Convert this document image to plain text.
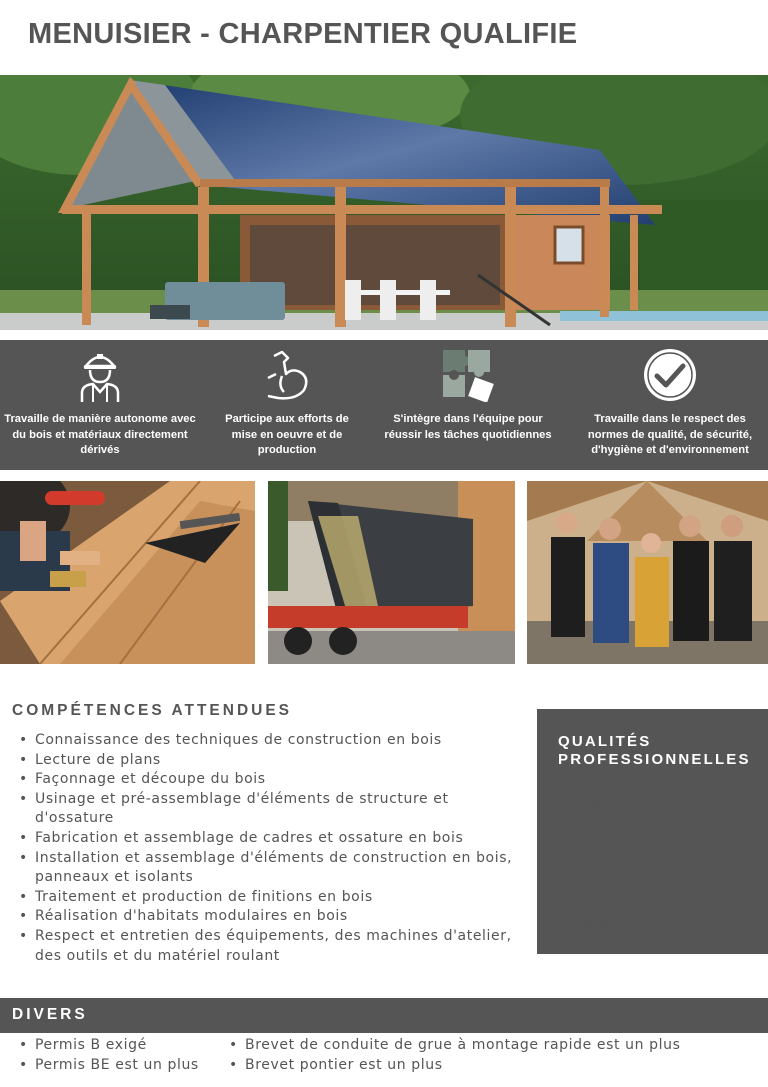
MENUISIER - CHARPENTIER QUALIFIE
Travaille de manière autonome avec du bois et matériaux directement dérivés
Participe aux efforts de mise en oeuvre et de production
S'intègre dans l'équipe pour réussir les tâches quotidiennes
Travaille dans le respect des normes de qualité, de sécurité, d'hygiène et d'environnement
COMPÉTENCES ATTENDUES
• Connaissance des techniques de construction en bois
• Lecture de plans
• Façonnage et découpe du bois
• Usinage et pré-assemblage d'éléments de structure et d'ossature
• Fabrication et assemblage de cadres et ossature en bois
• Installation et assemblage d'éléments de construction en bois, panneaux et isolants
• Traitement et production de finitions en bois
• Réalisation d'habitats modulaires en bois
• Respect et entretien des équipements, des machines d'atelier, des outils et du matériel roulant
QUALITÉS
PROFESSIONNELLES
• Expérimenté
• Clair
• Dynamique
• Coopératif
• Exemplaire
• Organisé
• Rigoureux
• Introspectif
DIVERS
• Permis B exigé
• Permis BE est un plus
• Brevet de conduite de grue à montage rapide est un plus
• Brevet pontier est un plus
